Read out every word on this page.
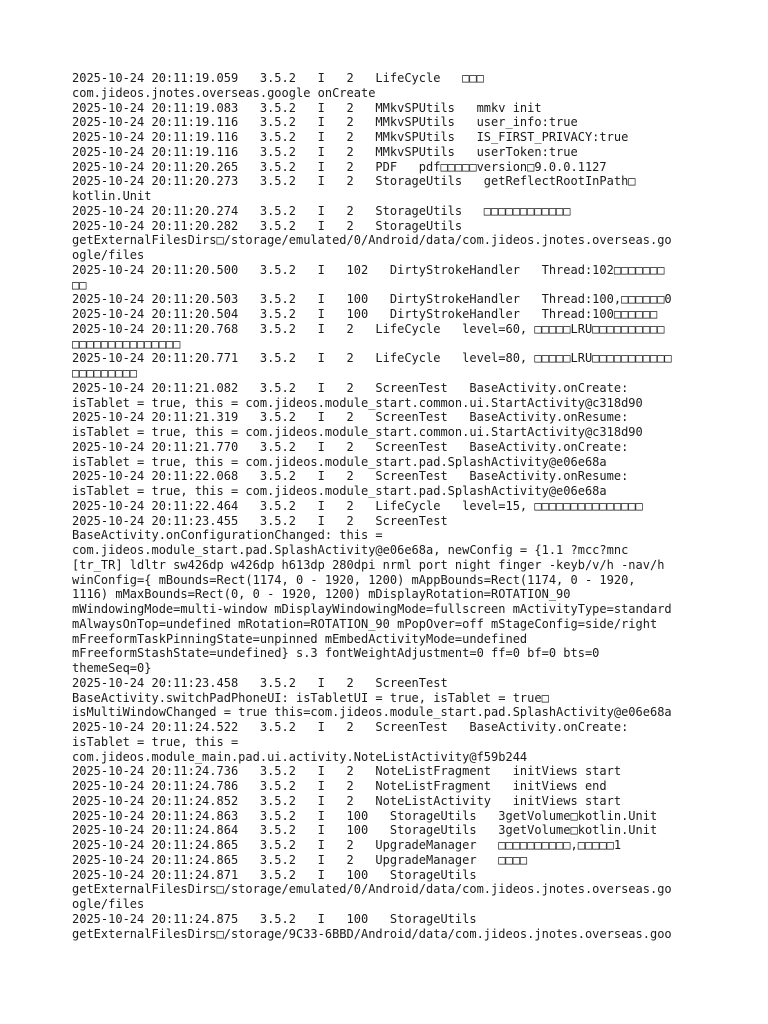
2025-10-24 20:11:19.059   3.5.2   I   2   LifeCycle   □□□
com.jideos.jnotes.overseas.google onCreate
2025-10-24 20:11:19.083   3.5.2   I   2   MMkvSPUtils   mmkv init
2025-10-24 20:11:19.116   3.5.2   I   2   MMkvSPUtils   user_info:true
2025-10-24 20:11:19.116   3.5.2   I   2   MMkvSPUtils   IS_FIRST_PRIVACY:true
2025-10-24 20:11:19.116   3.5.2   I   2   MMkvSPUtils   userToken:true
2025-10-24 20:11:20.265   3.5.2   I   2   PDF   pdf□□□□□version□9.0.0.1127
2025-10-24 20:11:20.273   3.5.2   I   2   StorageUtils   getReflectRootInPath□
kotlin.Unit
2025-10-24 20:11:20.274   3.5.2   I   2   StorageUtils   □□□□□□□□□□□□
2025-10-24 20:11:20.282   3.5.2   I   2   StorageUtils
getExternalFilesDirs□/storage/emulated/0/Android/data/com.jideos.jnotes.overseas.go
ogle/files
2025-10-24 20:11:20.500   3.5.2   I   102   DirtyStrokeHandler   Thread:102□□□□□□□
□□
2025-10-24 20:11:20.503   3.5.2   I   100   DirtyStrokeHandler   Thread:100,□□□□□□0
2025-10-24 20:11:20.504   3.5.2   I   100   DirtyStrokeHandler   Thread:100□□□□□□
2025-10-24 20:11:20.768   3.5.2   I   2   LifeCycle   level=60, □□□□□LRU□□□□□□□□□□
□□□□□□□□□□□□□□□
2025-10-24 20:11:20.771   3.5.2   I   2   LifeCycle   level=80, □□□□□LRU□□□□□□□□□□□
□□□□□□□□□
2025-10-24 20:11:21.082   3.5.2   I   2   ScreenTest   BaseActivity.onCreate:
isTablet = true, this = com.jideos.module_start.common.ui.StartActivity@c318d90
2025-10-24 20:11:21.319   3.5.2   I   2   ScreenTest   BaseActivity.onResume:
isTablet = true, this = com.jideos.module_start.common.ui.StartActivity@c318d90
2025-10-24 20:11:21.770   3.5.2   I   2   ScreenTest   BaseActivity.onCreate:
isTablet = true, this = com.jideos.module_start.pad.SplashActivity@e06e68a
2025-10-24 20:11:22.068   3.5.2   I   2   ScreenTest   BaseActivity.onResume:
isTablet = true, this = com.jideos.module_start.pad.SplashActivity@e06e68a
2025-10-24 20:11:22.464   3.5.2   I   2   LifeCycle   level=15, □□□□□□□□□□□□□□□
2025-10-24 20:11:23.455   3.5.2   I   2   ScreenTest
BaseActivity.onConfigurationChanged: this =
com.jideos.module_start.pad.SplashActivity@e06e68a, newConfig = {1.1 ?mcc?mnc
[tr_TR] ldltr sw426dp w426dp h613dp 280dpi nrml port night finger -keyb/v/h -nav/h
winConfig={ mBounds=Rect(1174, 0 - 1920, 1200) mAppBounds=Rect(1174, 0 - 1920,
1116) mMaxBounds=Rect(0, 0 - 1920, 1200) mDisplayRotation=ROTATION_90
mWindowingMode=multi-window mDisplayWindowingMode=fullscreen mActivityType=standard
mAlwaysOnTop=undefined mRotation=ROTATION_90 mPopOver=off mStageConfig=side/right
mFreeformTaskPinningState=unpinned mEmbedActivityMode=undefined
mFreeformStashState=undefined} s.3 fontWeightAdjustment=0 ff=0 bf=0 bts=0
themeSeq=0}
2025-10-24 20:11:23.458   3.5.2   I   2   ScreenTest
BaseActivity.switchPadPhoneUI: isTabletUI = true, isTablet = true□
isMultiWindowChanged = true this=com.jideos.module_start.pad.SplashActivity@e06e68a
2025-10-24 20:11:24.522   3.5.2   I   2   ScreenTest   BaseActivity.onCreate:
isTablet = true, this =
com.jideos.module_main.pad.ui.activity.NoteListActivity@f59b244
2025-10-24 20:11:24.736   3.5.2   I   2   NoteListFragment   initViews start
2025-10-24 20:11:24.786   3.5.2   I   2   NoteListFragment   initViews end
2025-10-24 20:11:24.852   3.5.2   I   2   NoteListActivity   initViews start
2025-10-24 20:11:24.863   3.5.2   I   100   StorageUtils   3getVolume□kotlin.Unit
2025-10-24 20:11:24.864   3.5.2   I   100   StorageUtils   3getVolume□kotlin.Unit
2025-10-24 20:11:24.865   3.5.2   I   2   UpgradeManager   □□□□□□□□□□,□□□□□1
2025-10-24 20:11:24.865   3.5.2   I   2   UpgradeManager   □□□□
2025-10-24 20:11:24.871   3.5.2   I   100   StorageUtils
getExternalFilesDirs□/storage/emulated/0/Android/data/com.jideos.jnotes.overseas.go
ogle/files
2025-10-24 20:11:24.875   3.5.2   I   100   StorageUtils
getExternalFilesDirs□/storage/9C33-6BBD/Android/data/com.jideos.jnotes.overseas.goo
